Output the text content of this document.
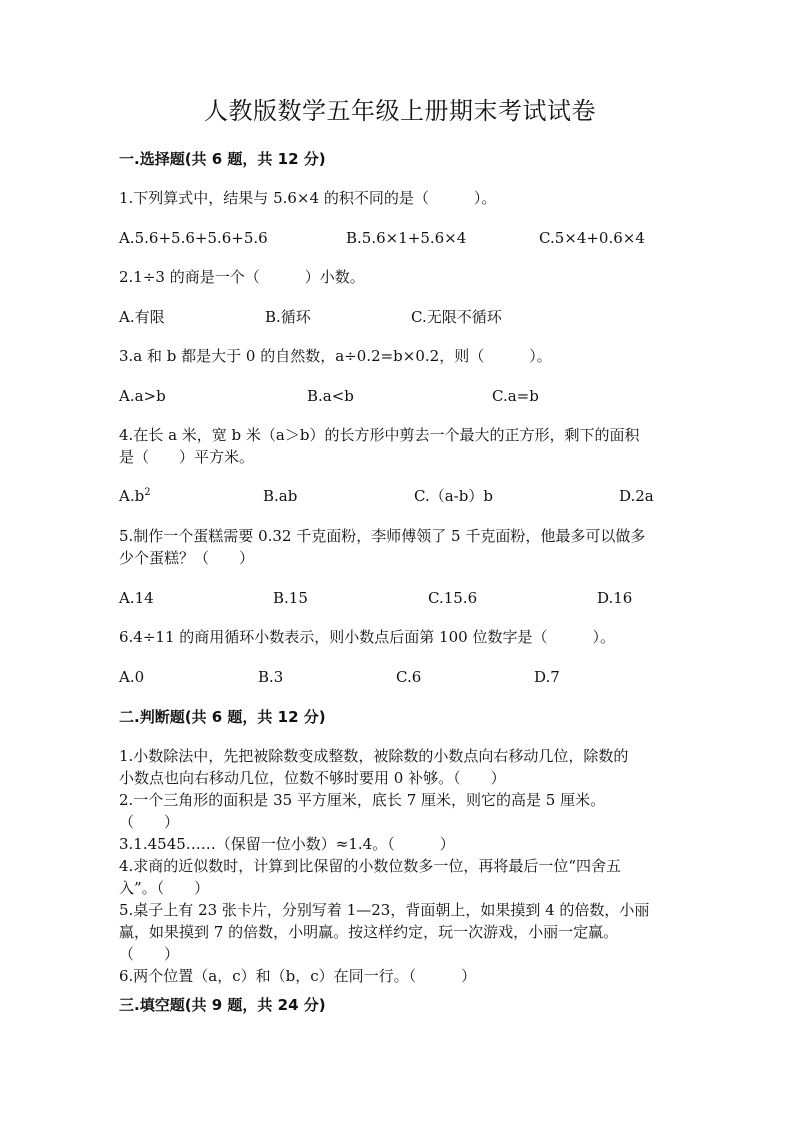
人教版数学五年级上册期末考试试卷
一.选择题(共 6 题，共 12 分)
1.下列算式中，结果与 5.6×4 的积不同的是（　　　）。
A.5.6+5.6+5.6+5.6	B.5.6×1+5.6×4	C.5×4+0.6×4
2.1÷3 的商是一个（　　　）小数。
A.有限	B.循环	C.无限不循环
3.a 和 b 都是大于 0 的自然数，a÷0.2=b×0.2，则（　　　）。
A.a>b	B.a<b	C.a=b
4.在长 a 米，宽 b 米（a＞b）的长方形中剪去一个最大的正方形，剩下的面积
是（　　）平方米。
$A.b^2$	B.ab	C.（a-b）b	D.2a
5.制作一个蛋糕需要 0.32 千克面粉，李师傅领了 5 千克面粉，他最多可以做多
少个蛋糕？（　　）
A.14	B.15	C.15.6	D.16
6.4÷11 的商用循环小数表示，则小数点后面第 100 位数字是（　　　）。
A.0	B.3	C.6	D.7
二.判断题(共 6 题，共 12 分)
1.小数除法中，先把被除数变成整数，被除数的小数点向右移动几位，除数的
小数点也向右移动几位，位数不够时要用 0 补够。（　　）
2.一个三角形的面积是 35 平方厘米，底长 7 厘米，则它的高是 5 厘米。
（　　）
3.1.4545……（保留一位小数）≈1.4。（　　　）
4.求商的近似数时，计算到比保留的小数位数多一位，再将最后一位“四舍五
入”。（　　）
5.桌子上有 23 张卡片，分别写着 1—23，背面朝上，如果摸到 4 的倍数，小丽
赢，如果摸到 7 的倍数，小明赢。按这样约定，玩一次游戏，小丽一定赢。
（　　）
6.两个位置（a，c）和（b，c）在同一行。（　　　）
三.填空题(共 9 题，共 24 分)
